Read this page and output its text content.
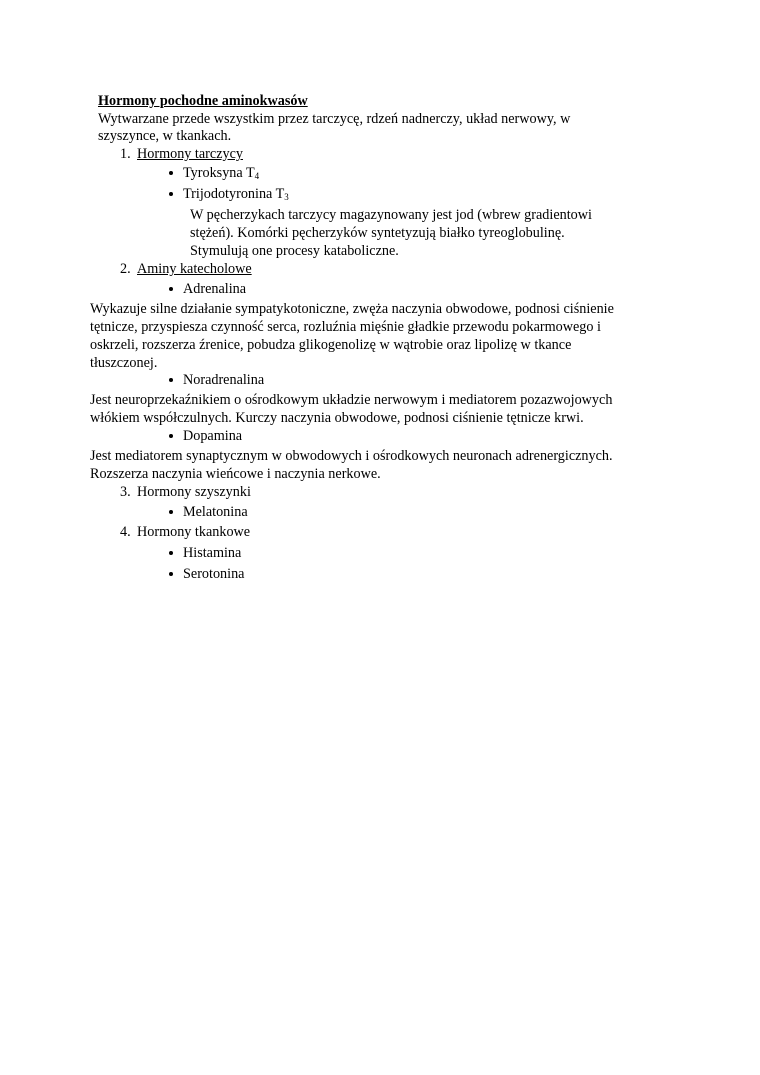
Hormony pochodne aminokwasów
Wytwarzane przede wszystkim przez tarczycę, rdzeń nadnerczy, układ nerwowy, w
szyszynce, w tkankach.
1. Hormony tarczycy
Tyroksyna $T_4$
Trijodotyronina $T_3$
W pęcherzykach tarczycy magazynowany jest jod (wbrew gradientowi
stężeń). Komórki pęcherzyków syntetyzują białko tyreoglobulinę.
Stymulują one procesy kataboliczne.
2. Aminy katecholowe
Adrenalina
Wykazuje silne działanie sympatykotoniczne, zwęża naczynia obwodowe, podnosi ciśnienie
tętnicze, przyspiesza czynność serca, rozluźnia mięśnie gładkie przewodu pokarmowego i
oskrzeli, rozszerza źrenice, pobudza glikogenolizę w wątrobie oraz lipolizę w tkance
tłuszczonej.
Noradrenalina
Jest neuroprzekaźnikiem o ośrodkowym układzie nerwowym i mediatorem pozazwojowych
włókiem współczulnych. Kurczy naczynia obwodowe, podnosi ciśnienie tętnicze krwi.
Dopamina
Jest mediatorem synaptycznym w obwodowych i ośrodkowych neuronach adrenergicznych.
Rozszerza naczynia wieńcowe i naczynia nerkowe.
3. Hormony szyszynki
Melatonina
4. Hormony tkankowe
Histamina
Serotonina
